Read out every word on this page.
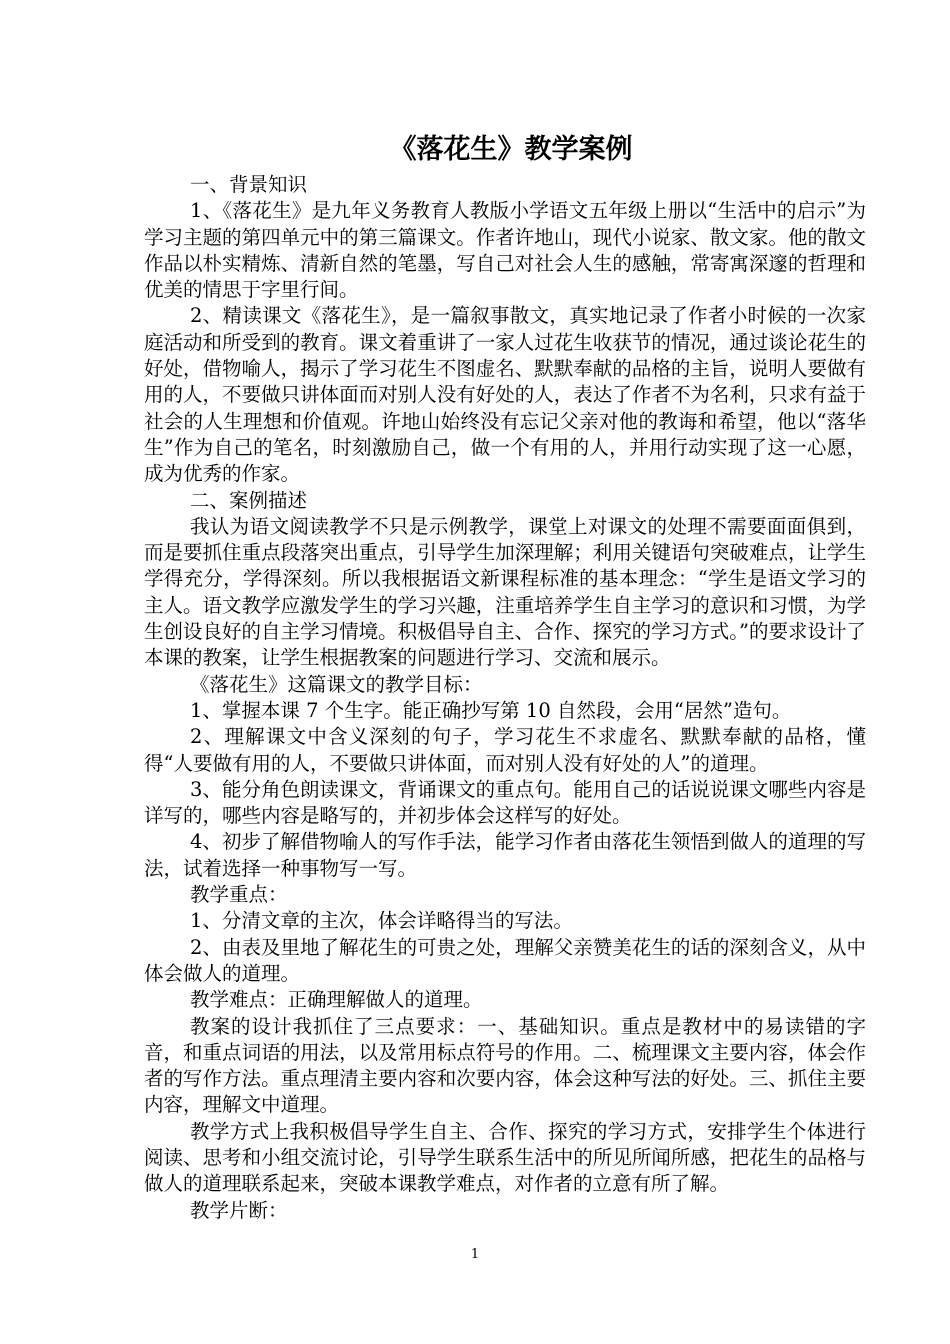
《落花生》教学案例

一、背景知识

1、《落花生》是九年义务教育人教版小学语文五年级上册以“生活中的启示”为学习主题的第四单元中的第三篇课文。作者许地山，现代小说家、散文家。他的散文作品以朴实精炼、清新自然的笔墨，写自己对社会人生的感触，常寄寓深邃的哲理和优美的情思于字里行间。

2、精读课文《落花生》，是一篇叙事散文，真实地记录了作者小时候的一次家庭活动和所受到的教育。课文着重讲了一家人过花生收获节的情况，通过谈论花生的好处，借物喻人，揭示了学习花生不图虚名、默默奉献的品格的主旨，说明人要做有用的人，不要做只讲体面而对别人没有好处的人，表达了作者不为名利，只求有益于社会的人生理想和价值观。许地山始终没有忘记父亲对他的教诲和希望，他以“落华生”作为自己的笔名，时刻激励自己，做一个有用的人，并用行动实现了这一心愿，成为优秀的作家。

二、案例描述

我认为语文阅读教学不只是示例教学，课堂上对课文的处理不需要面面俱到，而是要抓住重点段落突出重点，引导学生加深理解；利用关键语句突破难点，让学生学得充分，学得深刻。所以我根据语文新课程标准的基本理念：“学生是语文学习的主人。语文教学应激发学生的学习兴趣，注重培养学生自主学习的意识和习惯，为学生创设良好的自主学习情境。积极倡导自主、合作、探究的学习方式。”的要求设计了本课的教案，让学生根据教案的问题进行学习、交流和展示。

《落花生》这篇课文的教学目标：

1、掌握本课 7 个生字。能正确抄写第 10 自然段，会用“居然”造句。

2、理解课文中含义深刻的句子，学习花生不求虚名、默默奉献的品格，懂得“人要做有用的人，不要做只讲体面，而对别人没有好处的人”的道理。

3、能分角色朗读课文，背诵课文的重点句。能用自己的话说说课文哪些内容是详写的，哪些内容是略写的，并初步体会这样写的好处。

4、初步了解借物喻人的写作手法，能学习作者由落花生领悟到做人的道理的写法，试着选择一种事物写一写。

教学重点：

1、分清文章的主次，体会详略得当的写法。

2、由表及里地了解花生的可贵之处，理解父亲赞美花生的话的深刻含义，从中体会做人的道理。

教学难点：正确理解做人的道理。

教案的设计我抓住了三点要求：一、基础知识。重点是教材中的易读错的字音，和重点词语的用法，以及常用标点符号的作用。二、梳理课文主要内容，体会作者的写作方法。重点理清主要内容和次要内容，体会这种写法的好处。三、抓住主要内容，理解文中道理。

教学方式上我积极倡导学生自主、合作、探究的学习方式，安排学生个体进行阅读、思考和小组交流讨论，引导学生联系生活中的所见所闻所感，把花生的品格与做人的道理联系起来，突破本课教学难点，对作者的立意有所了解。

教学片断：

1
